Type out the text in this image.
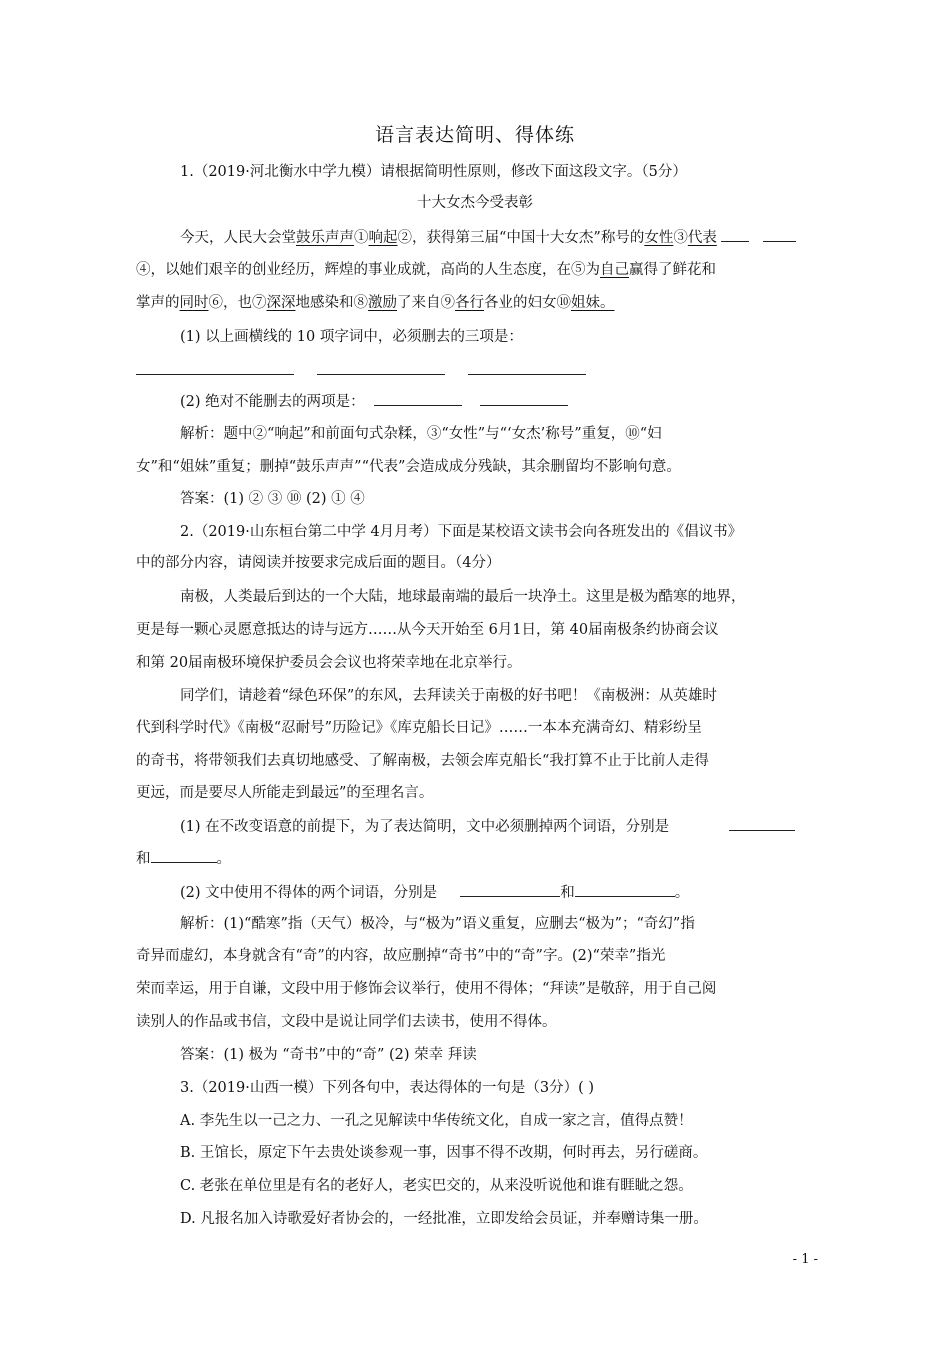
语言表达简明、得体练
1.（2019·河北衡水中学九模）请根据简明性原则，修改下面这段文字。（5分）
十大女杰今受表彰
今天，人民大会堂鼓乐声声①响起②，获得第三届“中国十大女杰”称号的女性③代表
④，以她们艰辛的创业经历，辉煌的事业成就，高尚的人生态度，在⑤为自己赢得了鲜花和
掌声的同时⑥，也⑦深深地感染和⑧激励了来自⑨各行各业的妇女⑩姐妹。
(1) 以上画横线的 10 项字词中，必须删去的三项是：

(2) 绝对不能删去的两项是：
解析：题中②“响起”和前面句式杂糅，③“女性”与“‘女杰’称号”重复，⑩“妇
女”和“姐妹”重复；删掉“鼓乐声声”“代表”会造成成分残缺，其余删留均不影响句意。
答案：(1) ② ③ ⑩ (2) ① ④
2.（2019·山东桓台第二中学 4月月考）下面是某校语文读书会向各班发出的《倡议书》
中的部分内容，请阅读并按要求完成后面的题目。（4分）
南极，人类最后到达的一个大陆，地球最南端的最后一块净土。这里是极为酷寒的地界，
更是每一颗心灵愿意抵达的诗与远方……从今天开始至 6月1日，第 40届南极条约协商会议
和第 20届南极环境保护委员会会议也将荣幸地在北京举行。
同学们，请趁着“绿色环保”的东风，去拜读关于南极的好书吧！《南极洲：从英雄时
代到科学时代》《南极“忍耐号”历险记》《库克船长日记》……一本本充满奇幻、精彩纷呈
的奇书，将带领我们去真切地感受、了解南极，去领会库克船长“我打算不止于比前人走得
更远，而是要尽人所能走到最远”的至理名言。
(1) 在不改变语意的前提下，为了表达简明，文中必须删掉两个词语，分别是
和	。
(2) 文中使用不得体的两个词语，分别是	和	。
解析：(1)“酷寒”指（天气）极冷，与“极为”语义重复，应删去“极为”；“奇幻”指
奇异而虚幻，本身就含有“奇”的内容，故应删掉“奇书”中的“奇”字。(2)“荣幸”指光
荣而幸运，用于自谦，文段中用于修饰会议举行，使用不得体；“拜读”是敬辞，用于自己阅
读别人的作品或书信，文段中是说让同学们去读书，使用不得体。
答案：(1) 极为 “奇书”中的“奇” (2) 荣幸 拜读
3.（2019·山西一模）下列各句中，表达得体的一句是（3分）( )
A. 李先生以一己之力、一孔之见解读中华传统文化，自成一家之言，值得点赞！
B. 王馆长，原定下午去贵处谈参观一事，因事不得不改期，何时再去，另行磋商。
C. 老张在单位里是有名的老好人，老实巴交的，从来没听说他和谁有睚眦之怨。
D. 凡报名加入诗歌爱好者协会的，一经批准，立即发给会员证，并奉赠诗集一册。
- 1 -
